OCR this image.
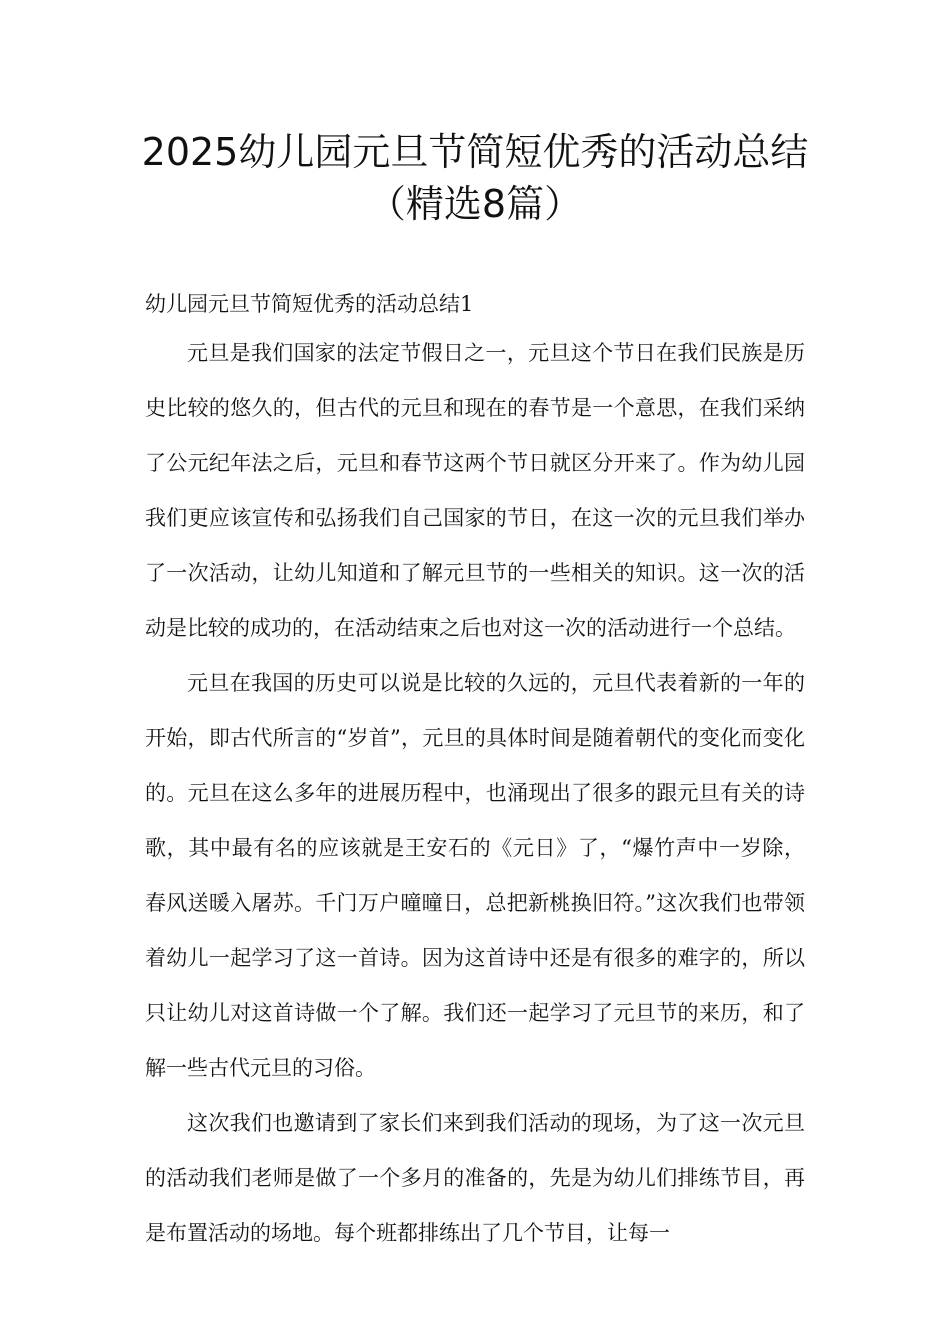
2025幼儿园元旦节简短优秀的活动总结
（精选8篇）

幼儿园元旦节简短优秀的活动总结1

元旦是我们国家的法定节假日之一，元旦这个节日在我们民族是历史比较的悠久的，但古代的元旦和现在的春节是一个意思，在我们采纳了公元纪年法之后，元旦和春节这两个节日就区分开来了。作为幼儿园我们更应该宣传和弘扬我们自己国家的节日，在这一次的元旦我们举办了一次活动，让幼儿知道和了解元旦节的一些相关的知识。这一次的活动是比较的成功的，在活动结束之后也对这一次的活动进行一个总结。

元旦在我国的历史可以说是比较的久远的，元旦代表着新的一年的开始，即古代所言的“岁首”，元旦的具体时间是随着朝代的变化而变化的。元旦在这么多年的进展历程中，也涌现出了很多的跟元旦有关的诗歌，其中最有名的应该就是王安石的《元日》了，“爆竹声中一岁除，春风送暖入屠苏。千门万户曈曈日，总把新桃换旧符。”这次我们也带领着幼儿一起学习了这一首诗。因为这首诗中还是有很多的难字的，所以只让幼儿对这首诗做一个了解。我们还一起学习了元旦节的来历，和了解一些古代元旦的习俗。

这次我们也邀请到了家长们来到我们活动的现场，为了这一次元旦的活动我们老师是做了一个多月的准备的，先是为幼儿们排练节目，再是布置活动的场地。每个班都排练出了几个节目，让每一
